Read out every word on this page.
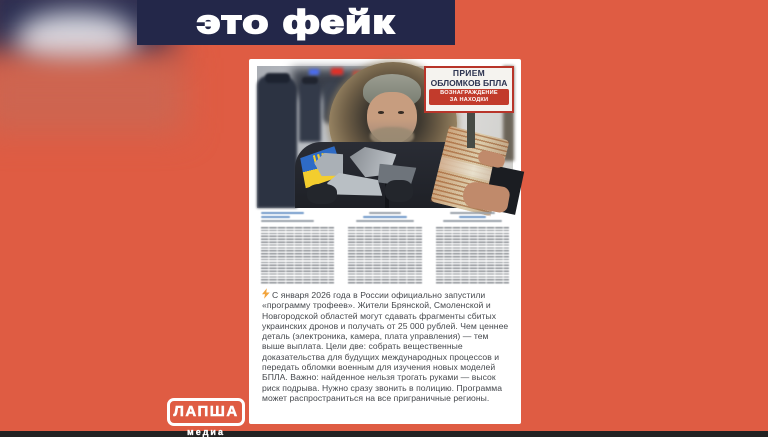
это фейк
ПРИЕМ
ОБЛОМКОВ БПЛА
ВОЗНАГРАЖДЕНИЕ
ЗА НАХОДКИ

С января 2026 года в России официально запустили «программу трофеев». Жители Брянской, Смоленской и Новгородской областей могут сдавать фрагменты сбитых украинских дронов и получать от 25 000 рублей. Чем ценнее деталь (электроника, камера, плата управления) — тем выше выплата. Цели две: собрать вещественные доказательства для будущих международных процессов и передать обломки военным для изучения новых моделей БПЛА. Важно: найденное нельзя трогать руками — высок риск подрыва. Нужно сразу звонить в полицию. Программа может распространиться на все приграничные регионы.

ЛАПША
медиа
